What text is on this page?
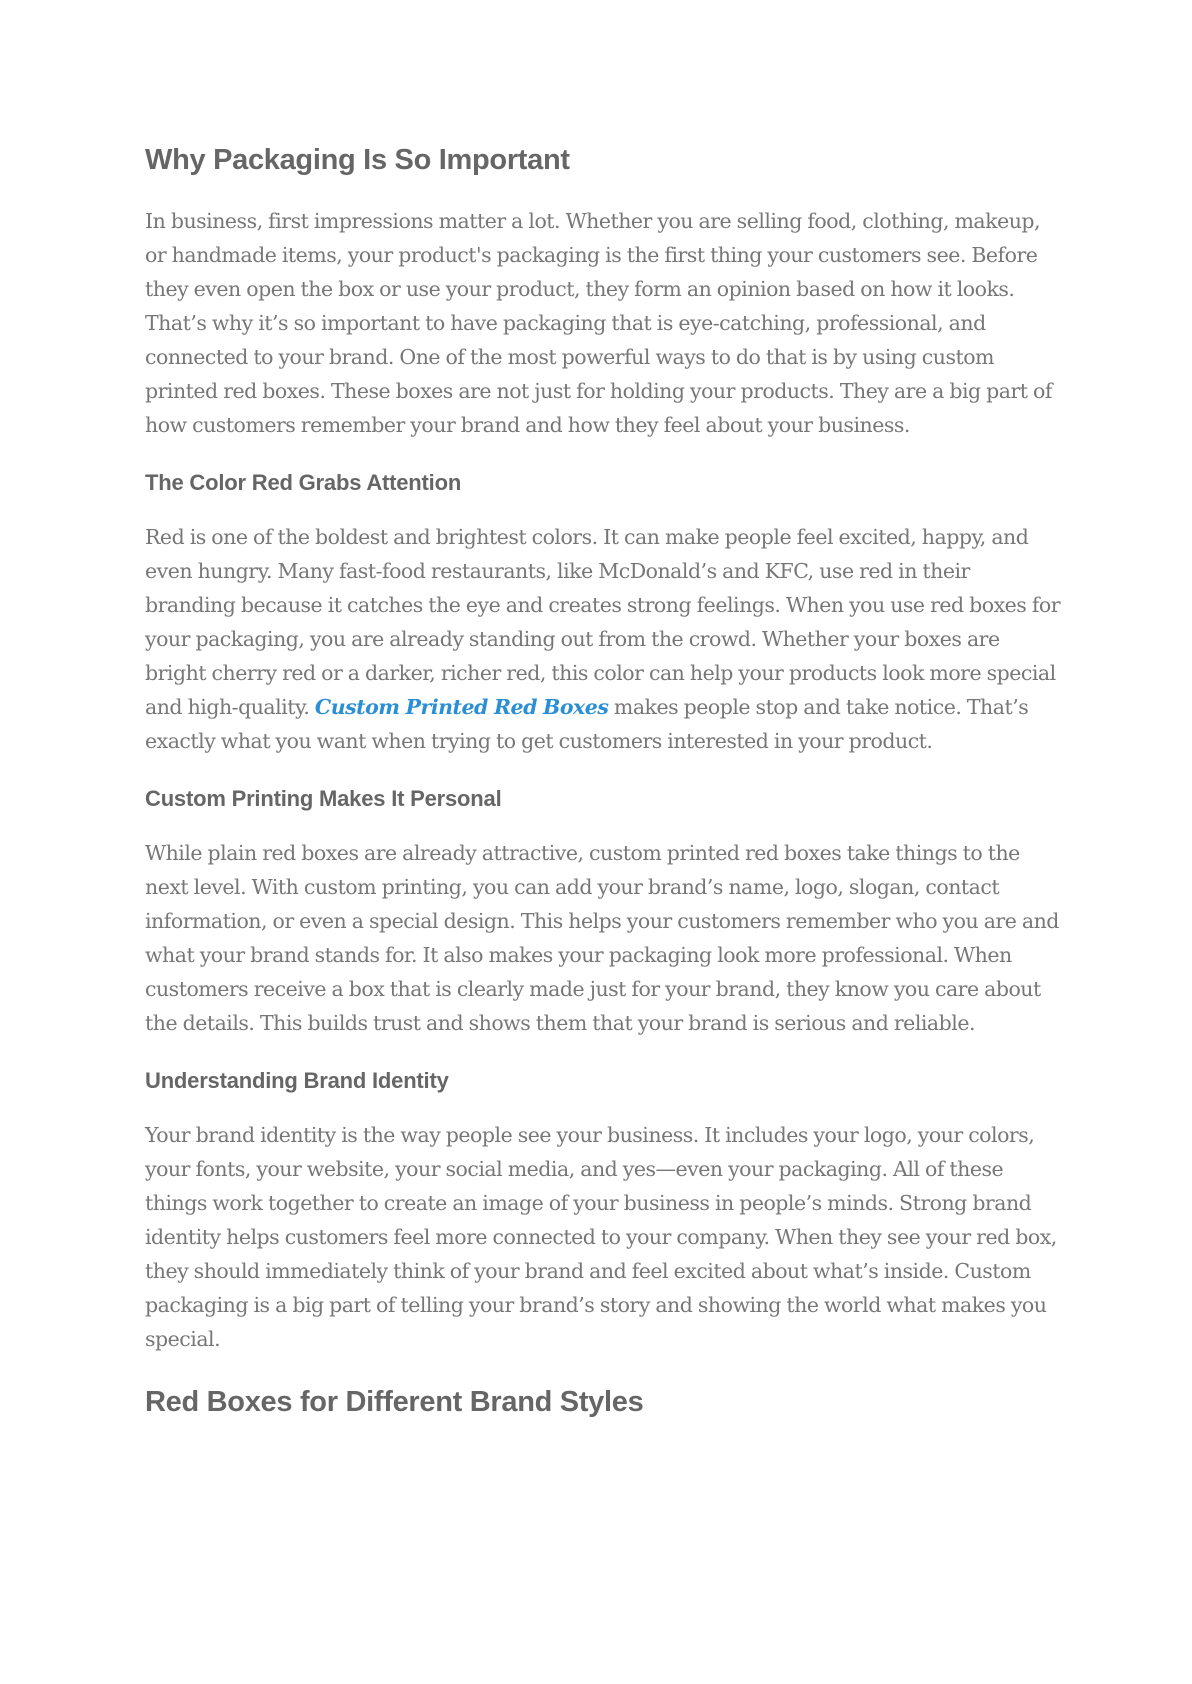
Why Packaging Is So Important

In business, first impressions matter a lot. Whether you are selling food, clothing, makeup, or handmade items, your product's packaging is the first thing your customers see. Before they even open the box or use your product, they form an opinion based on how it looks. That’s why it’s so important to have packaging that is eye-catching, professional, and connected to your brand. One of the most powerful ways to do that is by using custom printed red boxes. These boxes are not just for holding your products. They are a big part of how customers remember your brand and how they feel about your business.

The Color Red Grabs Attention

Red is one of the boldest and brightest colors. It can make people feel excited, happy, and even hungry. Many fast-food restaurants, like McDonald’s and KFC, use red in their branding because it catches the eye and creates strong feelings. When you use red boxes for your packaging, you are already standing out from the crowd. Whether your boxes are bright cherry red or a darker, richer red, this color can help your products look more special and high-quality. Custom Printed Red Boxes makes people stop and take notice. That’s exactly what you want when trying to get customers interested in your product.

Custom Printing Makes It Personal

While plain red boxes are already attractive, custom printed red boxes take things to the next level. With custom printing, you can add your brand’s name, logo, slogan, contact information, or even a special design. This helps your customers remember who you are and what your brand stands for. It also makes your packaging look more professional. When customers receive a box that is clearly made just for your brand, they know you care about the details. This builds trust and shows them that your brand is serious and reliable.

Understanding Brand Identity

Your brand identity is the way people see your business. It includes your logo, your colors, your fonts, your website, your social media, and yes—even your packaging. All of these things work together to create an image of your business in people’s minds. Strong brand identity helps customers feel more connected to your company. When they see your red box, they should immediately think of your brand and feel excited about what’s inside. Custom packaging is a big part of telling your brand’s story and showing the world what makes you special.

Red Boxes for Different Brand Styles
